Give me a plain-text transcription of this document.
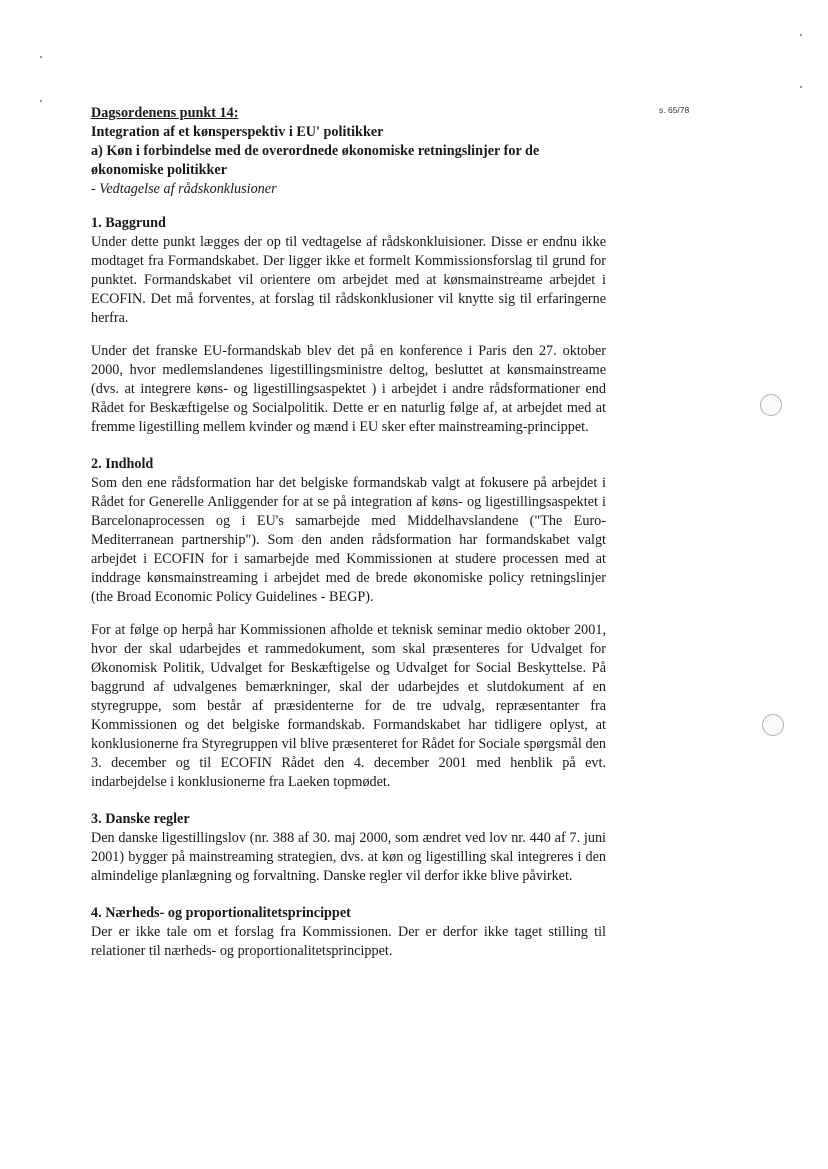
s. 65/78

Dagsordenens punkt 14:

Integration af et kønsperspektiv i EU' politikker

a) Køn i forbindelse med de overordnede økonomiske retningslinjer for de økonomiske politikker

- Vedtagelse af rådskonklusioner

1. Baggrund

Under dette punkt lægges der op til vedtagelse af rådskonkluisioner. Disse er endnu ikke modtaget fra Formandskabet. Der ligger ikke et formelt Kommissionsforslag til grund for punktet. Formandskabet vil orientere om arbejdet med at kønsmainstreame arbejdet i ECOFIN. Det må forventes, at forslag til rådskonklusioner vil knytte sig til erfaringerne herfra.

Under det franske EU-formandskab blev det på en konference i Paris den 27. oktober 2000, hvor medlemslandenes ligestillingsministre deltog, besluttet at kønsmainstreame (dvs. at integrere køns- og ligestillingsaspektet ) i arbejdet i andre rådsformationer end Rådet for Beskæftigelse og Socialpolitik. Dette er en naturlig følge af, at arbejdet med at fremme ligestilling mellem kvinder og mænd i EU sker efter mainstreaming-princippet.

2. Indhold

Som den ene rådsformation har det belgiske formandskab valgt at fokusere på arbejdet i Rådet for Generelle Anliggender for at se på integration af køns- og ligestillingsaspektet i Barcelonaprocessen og i EU's samarbejde med Middelhavslandene ("The Euro-Mediterranean partnership"). Som den anden rådsformation har formandskabet valgt arbejdet i ECOFIN for i samarbejde med Kommissionen at studere processen med at inddrage kønsmainstreaming i arbejdet med de brede økonomiske policy retningslinjer (the Broad Economic Policy Guidelines - BEGP).

For at følge op herpå har Kommissionen afholde et teknisk seminar medio oktober 2001, hvor der skal udarbejdes et rammedokument, som skal præsenteres for Udvalget for Økonomisk Politik, Udvalget for Beskæftigelse og Udvalget for Social Beskyttelse. På baggrund af udvalgenes bemærkninger, skal der udarbejdes et slutdokument af en styregruppe, som består af præsidenterne for de tre udvalg, repræsentanter fra Kommissionen og det belgiske formandskab. Formandskabet har tidligere oplyst, at konklusionerne fra Styregruppen vil blive præsenteret for Rådet for Sociale spørgsmål den 3. december og til ECOFIN Rådet den 4. december 2001 med henblik på evt. indarbejdelse i konklusionerne fra Laeken topmødet.

3. Danske regler

Den danske ligestillingslov (nr. 388 af 30. maj 2000, som ændret ved lov nr. 440 af 7. juni 2001) bygger på mainstreaming strategien, dvs. at køn og ligestilling skal integreres i den almindelige planlægning og forvaltning. Danske regler vil derfor ikke blive påvirket.

4. Nærheds- og proportionalitetsprincippet

Der er ikke tale om et forslag fra Kommissionen. Der er derfor ikke taget stilling til relationer til nærheds- og proportionalitetsprincippet.
